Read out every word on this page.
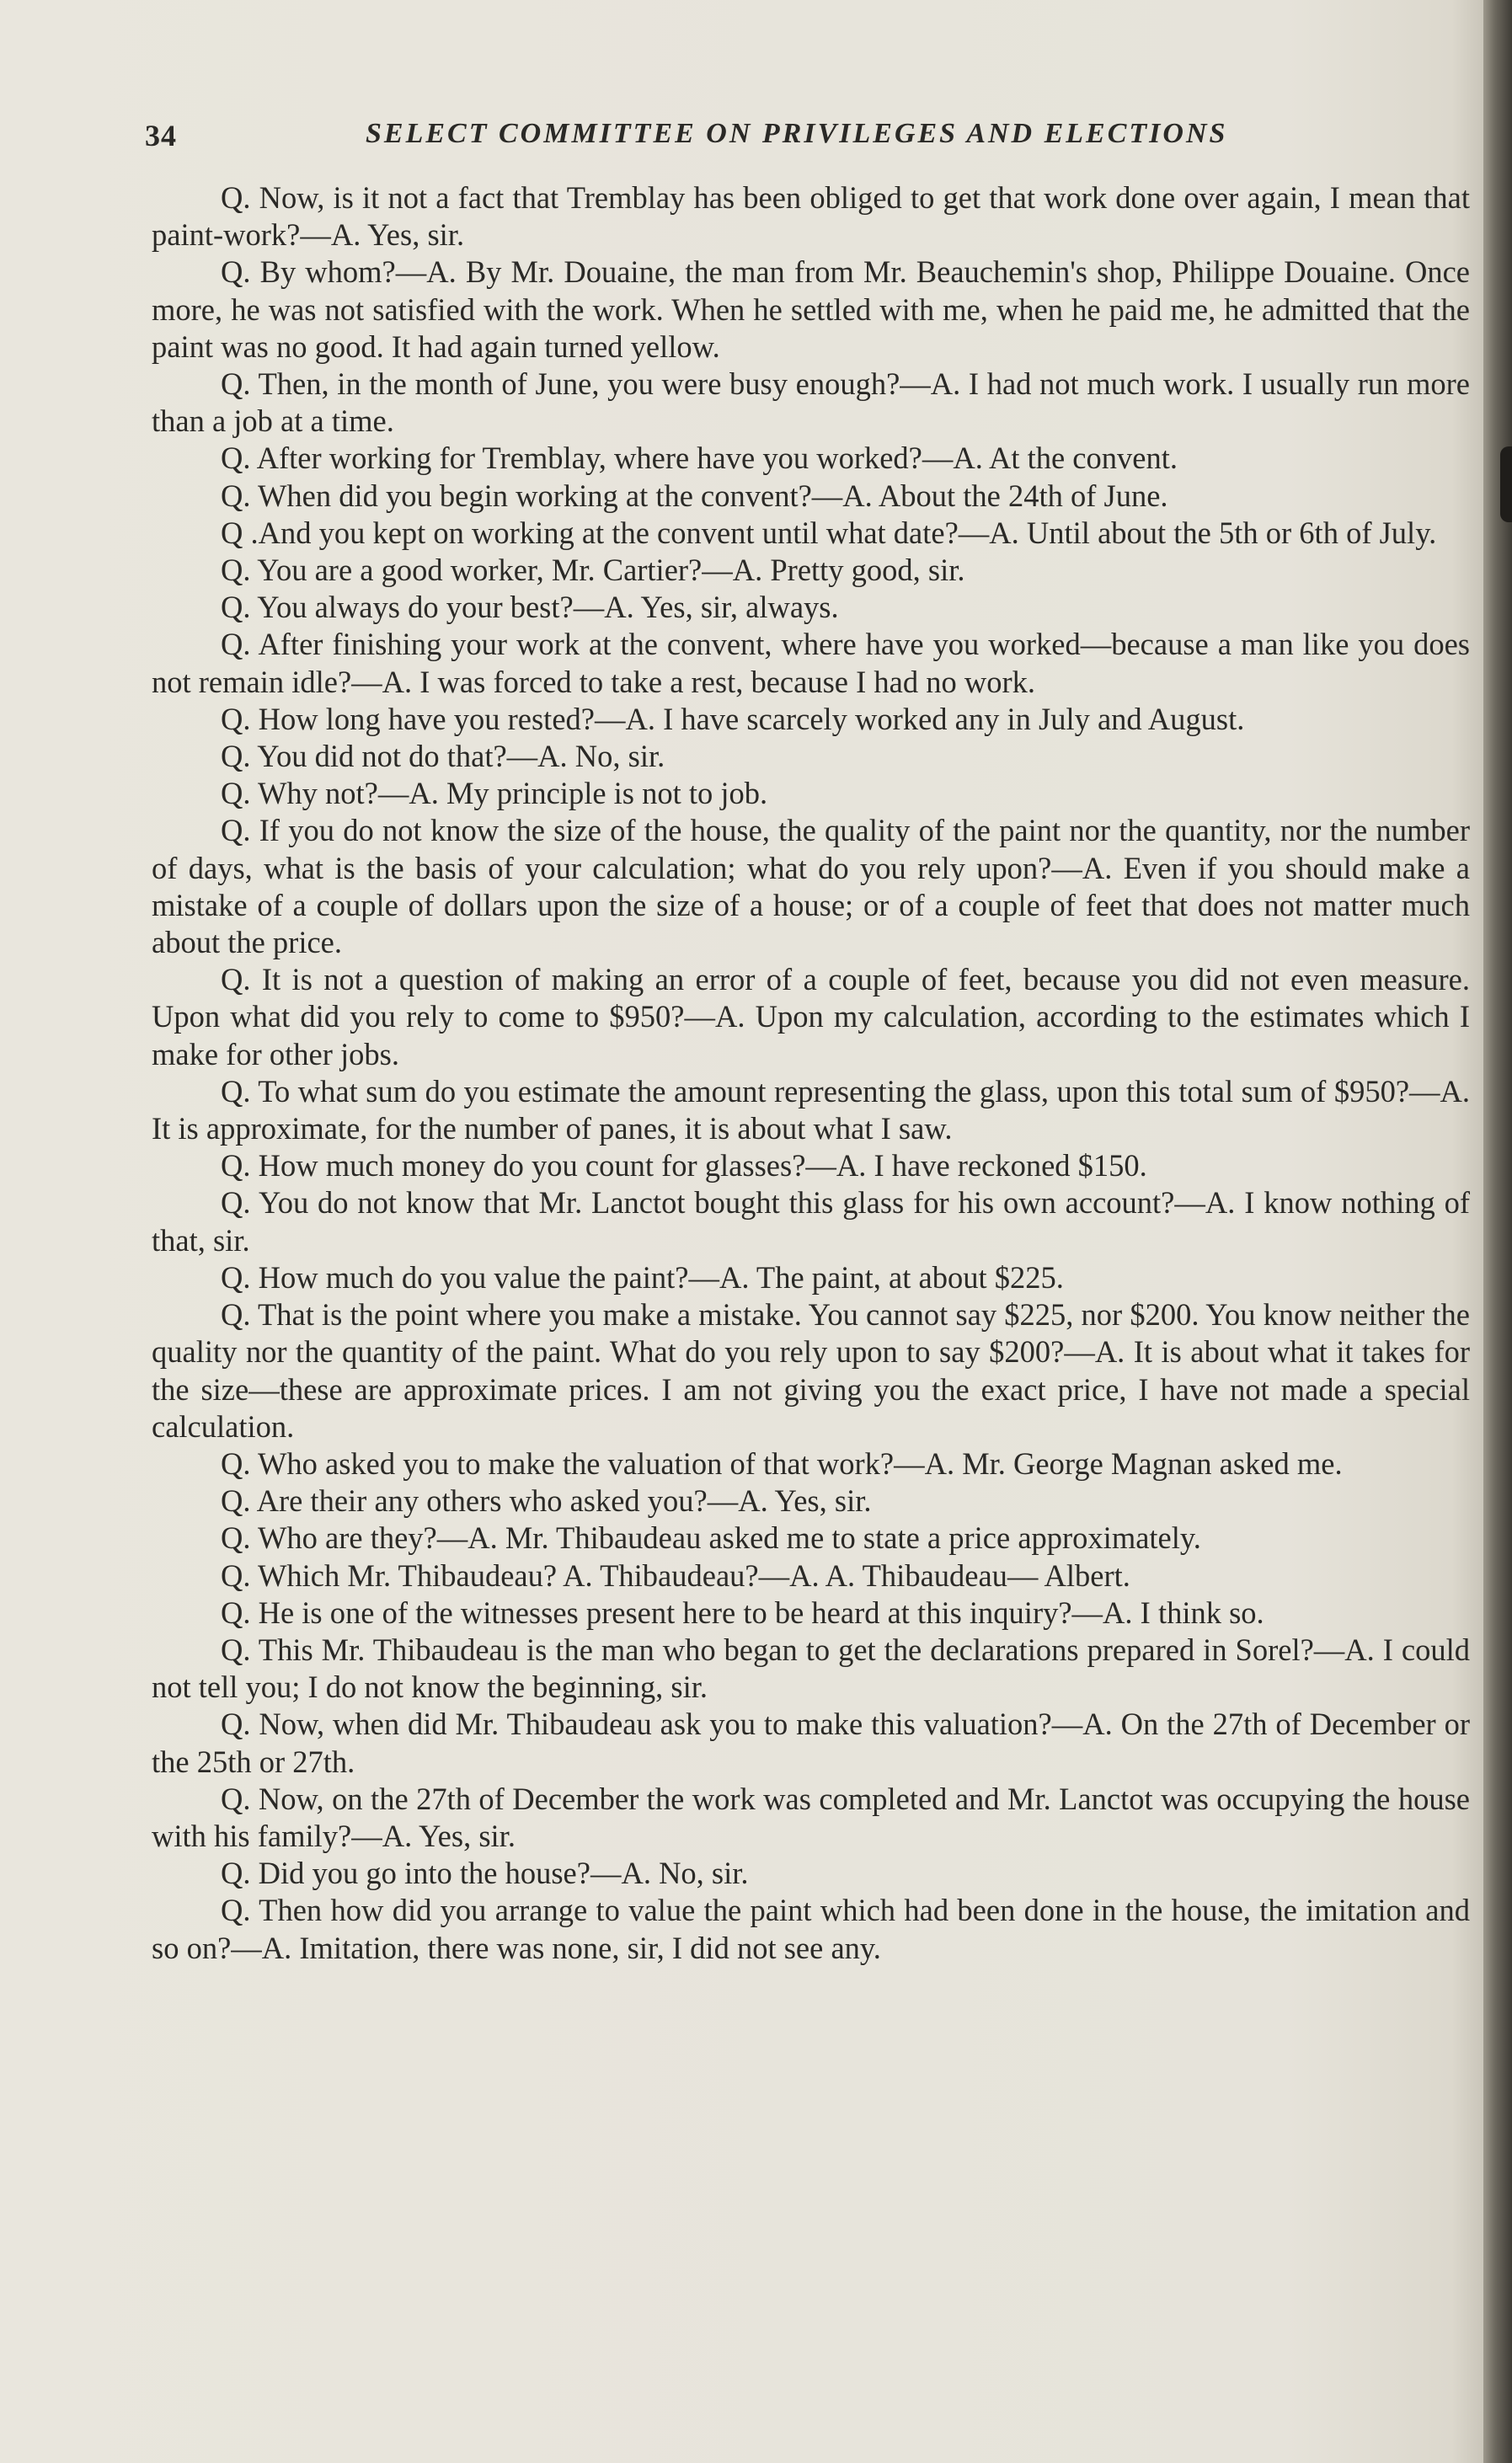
34	SELECT COMMITTEE ON PRIVILEGES AND ELECTIONS

Q. Now, is it not a fact that Tremblay has been obliged to get that work done over again, I mean that paint-work?—A. Yes, sir.

Q. By whom?—A. By Mr. Douaine, the man from Mr. Beauchemin's shop, Philippe Douaine. Once more, he was not satisfied with the work. When he settled with me, when he paid me, he admitted that the paint was no good. It had again turned yellow.

Q. Then, in the month of June, you were busy enough?—A. I had not much work. I usually run more than a job at a time.

Q. After working for Tremblay, where have you worked?—A. At the convent.

Q. When did you begin working at the convent?—A. About the 24th of June.

Q .And you kept on working at the convent until what date?—A. Until about the 5th or 6th of July.

Q. You are a good worker, Mr. Cartier?—A. Pretty good, sir.

Q. You always do your best?—A. Yes, sir, always.

Q. After finishing your work at the convent, where have you worked—because a man like you does not remain idle?—A. I was forced to take a rest, because I had no work.

Q. How long have you rested?—A. I have scarcely worked any in July and August.

Q. You did not do that?—A. No, sir.

Q. Why not?—A. My principle is not to job.

Q. If you do not know the size of the house, the quality of the paint nor the quantity, nor the number of days, what is the basis of your calculation; what do you rely upon?—A. Even if you should make a mistake of a couple of dollars upon the size of a house; or of a couple of feet that does not matter much about the price.

Q. It is not a question of making an error of a couple of feet, because you did not even measure. Upon what did you rely to come to $950?—A. Upon my calculation, according to the estimates which I make for other jobs.

Q. To what sum do you estimate the amount representing the glass, upon this total sum of $950?—A. It is approximate, for the number of panes, it is about what I saw.

Q. How much money do you count for glasses?—A. I have reckoned $150.

Q. You do not know that Mr. Lanctot bought this glass for his own account?—A. I know nothing of that, sir.

Q. How much do you value the paint?—A. The paint, at about $225.

Q. That is the point where you make a mistake. You cannot say $225, nor $200. You know neither the quality nor the quantity of the paint. What do you rely upon to say $200?—A. It is about what it takes for the size—these are approximate prices. I am not giving you the exact price, I have not made a special calculation.

Q. Who asked you to make the valuation of that work?—A. Mr. George Magnan asked me.

Q. Are their any others who asked you?—A. Yes, sir.

Q. Who are they?—A. Mr. Thibaudeau asked me to state a price approximately.

Q. Which Mr. Thibaudeau? A. Thibaudeau?—A. A. Thibaudeau— Albert.

Q. He is one of the witnesses present here to be heard at this inquiry?—A. I think so.

Q. This Mr. Thibaudeau is the man who began to get the declarations prepared in Sorel?—A. I could not tell you; I do not know the beginning, sir.

Q. Now, when did Mr. Thibaudeau ask you to make this valuation?—A. On the 27th of December or the 25th or 27th.

Q. Now, on the 27th of December the work was completed and Mr. Lanctot was occupying the house with his family?—A. Yes, sir.

Q. Did you go into the house?—A. No, sir.

Q. Then how did you arrange to value the paint which had been done in the house, the imitation and so on?—A. Imitation, there was none, sir, I did not see any.
